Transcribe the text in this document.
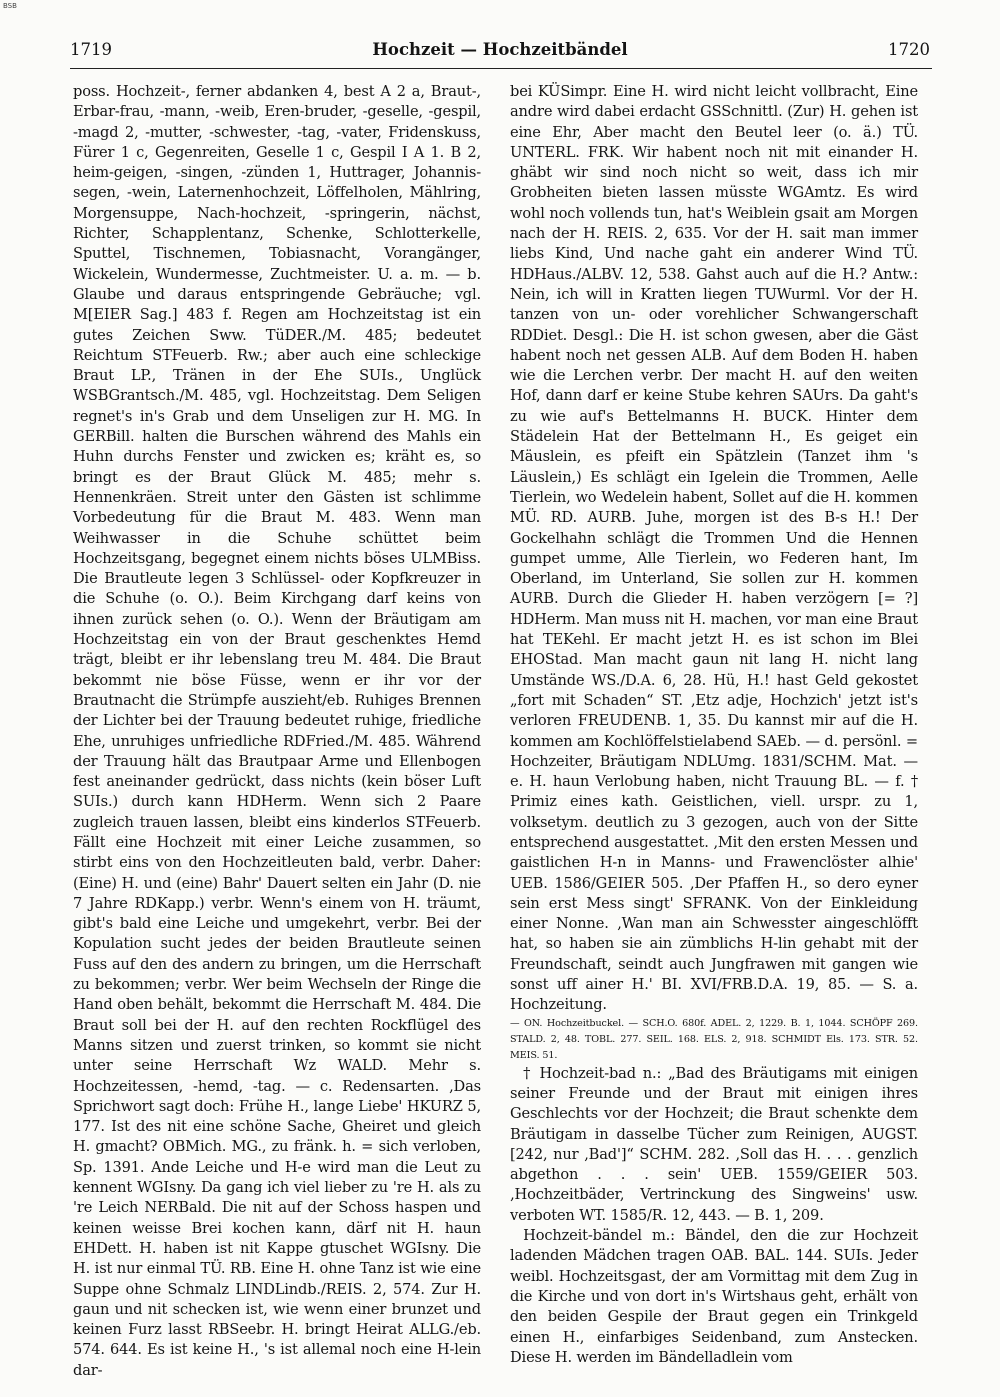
BSB
1719	Hochzeit — Hochzeitbändel	1720

poss. Hochzeit-, ferner abdanken 4, best A 2 a, Braut-, Erbar-frau, -mann, -weib, Eren-bruder, -geselle, -gespil, -magd 2, -mutter, -schwester, -tag, -vater, Fridenskuss, Fürer 1 c, Gegenreiten, Geselle 1 c, Gespil I A 1. B 2, heim-geigen, -singen, -zünden 1, Huttrager, Johannis-segen, -wein, Laternenhochzeit, Löffelholen, Mählring, Morgensuppe, Nach-hochzeit, -springerin, nächst, Richter, Schapplentanz, Schenke, Schlotterkelle, Sputtel, Tischnemen, Tobiasnacht, Vorangänger, Wickelein, Wundermesse, Zuchtmeister. U. a. m. — b. Glaube und daraus entspringende Gebräuche; vgl. M[EIER Sag.] 483 f. Regen am Hochzeitstag ist ein gutes Zeichen Sww. TüDER./M. 485; bedeutet Reichtum STFeuerb. Rw.; aber auch eine schleckige Braut LP., Tränen in der Ehe SUIs., Unglück WSBGrantsch./M. 485, vgl. Hochzeitstag. Dem Seligen regnet's in's Grab und dem Unseligen zur H. MG. In GERBill. halten die Burschen während des Mahls ein Huhn durchs Fenster und zwicken es; kräht es, so bringt es der Braut Glück M. 485; mehr s. Hennenkräen. Streit unter den Gästen ist schlimme Vorbedeutung für die Braut M. 483. Wenn man Weihwasser in die Schuhe schüttet beim Hochzeitsgang, begegnet einem nichts böses ULMBiss. Die Brautleute legen 3 Schlüssel- oder Kopfkreuzer in die Schuhe (o. O.). Beim Kirchgang darf keins von ihnen zurück sehen (o. O.). Wenn der Bräutigam am Hochzeitstag ein von der Braut geschenktes Hemd trägt, bleibt er ihr lebenslang treu M. 484. Die Braut bekommt nie böse Füsse, wenn er ihr vor der Brautnacht die Strümpfe auszieht/eb. Ruhiges Brennen der Lichter bei der Trauung bedeutet ruhige, friedliche Ehe, unruhiges unfriedliche RDFried./M. 485. Während der Trauung hält das Brautpaar Arme und Ellenbogen fest aneinander gedrückt, dass nichts (kein böser Luft SUIs.) durch kann HDHerm. Wenn sich 2 Paare zugleich trauen lassen, bleibt eins kinderlos STFeuerb. Fällt eine Hochzeit mit einer Leiche zusammen, so stirbt eins von den Hochzeitleuten bald, verbr. Daher: (Eine) H. und (eine) Bahr' Dauert selten ein Jahr (D. nie 7 Jahre RDKapp.) verbr. Wenn's einem von H. träumt, gibt's bald eine Leiche und umgekehrt, verbr. Bei der Kopulation sucht jedes der beiden Brautleute seinen Fuss auf den des andern zu bringen, um die Herrschaft zu bekommen; verbr. Wer beim Wechseln der Ringe die Hand oben behält, bekommt die Herrschaft M. 484. Die Braut soll bei der H. auf den rechten Rockflügel des Manns sitzen und zuerst trinken, so kommt sie nicht unter seine Herrschaft Wz WALD. Mehr s. Hochzeitessen, -hemd, -tag. — c. Redensarten. ‚Das Sprichwort sagt doch: Frühe H., lange Liebe' HKURZ 5, 177. Ist des nit eine schöne Sache, Gheiret und gleich H. gmacht? OBMich. MG., zu fränk. h. = sich verloben, Sp. 1391. Ande Leiche und H-e wird man die Leut zu kennent WGIsny. Da gang ich viel lieber zu 're H. als zu 're Leich NERBald. Die nit auf der Schoss haspen und keinen weisse Brei kochen kann, därf nit H. haun EHDett. H. haben ist nit Kappe gtuschet WGIsny. Die H. ist nur einmal TÜ. RB. Eine H. ohne Tanz ist wie eine Suppe ohne Schmalz LINDLindb./REIS. 2, 574. Zur H. gaun und nit schecken ist, wie wenn einer brunzet und keinen Furz lasst RBSeebr. H. bringt Heirat ALLG./eb. 574. 644. Es ist keine H., 's ist allemal noch eine H-lein dar-

bei KÜSimpr. Eine H. wird nicht leicht vollbracht, Eine andre wird dabei erdacht GSSchnittl. (Zur) H. gehen ist eine Ehr, Aber macht den Beutel leer (o. ä.) TÜ. UNTERL. FRK. Wir habent noch nit mit einander H. ghäbt wir sind noch nicht so weit, dass ich mir Grobheiten bieten lassen müsste WGAmtz. Es wird wohl noch vollends tun, hat's Weiblein gsait am Morgen nach der H. REIS. 2, 635. Vor der H. sait man immer liebs Kind, Und nache gaht ein anderer Wind TÜ. HDHaus./ALBV. 12, 538. Gahst auch auf die H.? Antw.: Nein, ich will in Kratten liegen TUWurml. Vor der H. tanzen von un- oder vorehlicher Schwangerschaft RDDiet. Desgl.: Die H. ist schon gwesen, aber die Gäst habent noch net gessen ALB. Auf dem Boden H. haben wie die Lerchen verbr. Der macht H. auf den weiten Hof, dann darf er keine Stube kehren SAUrs. Da gaht's zu wie auf's Bettelmanns H. BUCK. Hinter dem Städelein Hat der Bettelmann H., Es geiget ein Mäuslein, es pfeift ein Spätzlein (Tanzet ihm 's Läuslein,) Es schlägt ein Igelein die Trommen, Aelle Tierlein, wo Wedelein habent, Sollet auf die H. kommen MÜ. RD. AURB. Juhe, morgen ist des B-s H.! Der Gockelhahn schlägt die Trommen Und die Hennen gumpet umme, Alle Tierlein, wo Federen hant, Im Oberland, im Unterland, Sie sollen zur H. kommen AURB. Durch die Glieder H. haben verzögern [= ?] HDHerm. Man muss nit H. machen, vor man eine Braut hat TEKehl. Er macht jetzt H. es ist schon im Blei EHOStad. Man macht gaun nit lang H. nicht lang Umstände WS./D.A. 6, 28. Hü, H.! hast Geld gekostet „fort mit Schaden“ ST. ‚Etz adje, Hochzich' jetzt ist's verloren FREUDENB. 1, 35. Du kannst mir auf die H. kommen am Kochlöffelstielabend SAEb. — d. persönl. = Hochzeiter, Bräutigam NDLUmg. 1831/SCHM. Mat. — e. H. haun Verlobung haben, nicht Trauung BL. — f. † Primiz eines kath. Geistlichen, viell. urspr. zu 1, volksetym. deutlich zu 3 gezogen, auch von der Sitte entsprechend ausgestattet. ‚Mit den ersten Messen und gaistlichen H-n in Manns- und Frawenclöster alhie' UEB. 1586/GEIER 505. ‚Der Pfaffen H., so dero eyner sein erst Mess singt' SFRANK. Von der Einkleidung einer Nonne. ‚Wan man ain Schwesster aingeschlöfft hat, so haben sie ain zümblichs H-lin gehabt mit der Freundschaft, seindt auch Jungfrawen mit gangen wie sonst uff ainer H.' BI. XVI/FRB.D.A. 19, 85. — S. a. Hochzeitung.

— ON. Hochzeitbuckel. — SCH.O. 680f. ADEL. 2, 1229. B. 1, 1044. SCHÖPF 269. STALD. 2, 48. TOBL. 277. SEIL. 168. ELS. 2, 918. SCHMIDT Els. 173. STR. 52. MEIS. 51.

† Hochzeit-bad n.: „Bad des Bräutigams mit einigen seiner Freunde und der Braut mit einigen ihres Geschlechts vor der Hochzeit; die Braut schenkte dem Bräutigam in dasselbe Tücher zum Reinigen, AUGST. [242, nur ‚Bad']“ SCHM. 282. ‚Soll das H. . . . genzlich abgethon . . . sein' UEB. 1559/GEIER 503. ‚Hochzeitbäder, Vertrinckung des Singweins' usw. verboten WT. 1585/R. 12, 443. — B. 1, 209.

Hochzeit-bändel m.: Bändel, den die zur Hochzeit ladenden Mädchen tragen OAB. BAL. 144. SUIs. Jeder weibl. Hochzeitsgast, der am Vormittag mit dem Zug in die Kirche und von dort in's Wirtshaus geht, erhält von den beiden Gespile der Braut gegen ein Trinkgeld einen H., einfarbiges Seidenband, zum Anstecken. Diese H. werden im Bändelladlein vom
